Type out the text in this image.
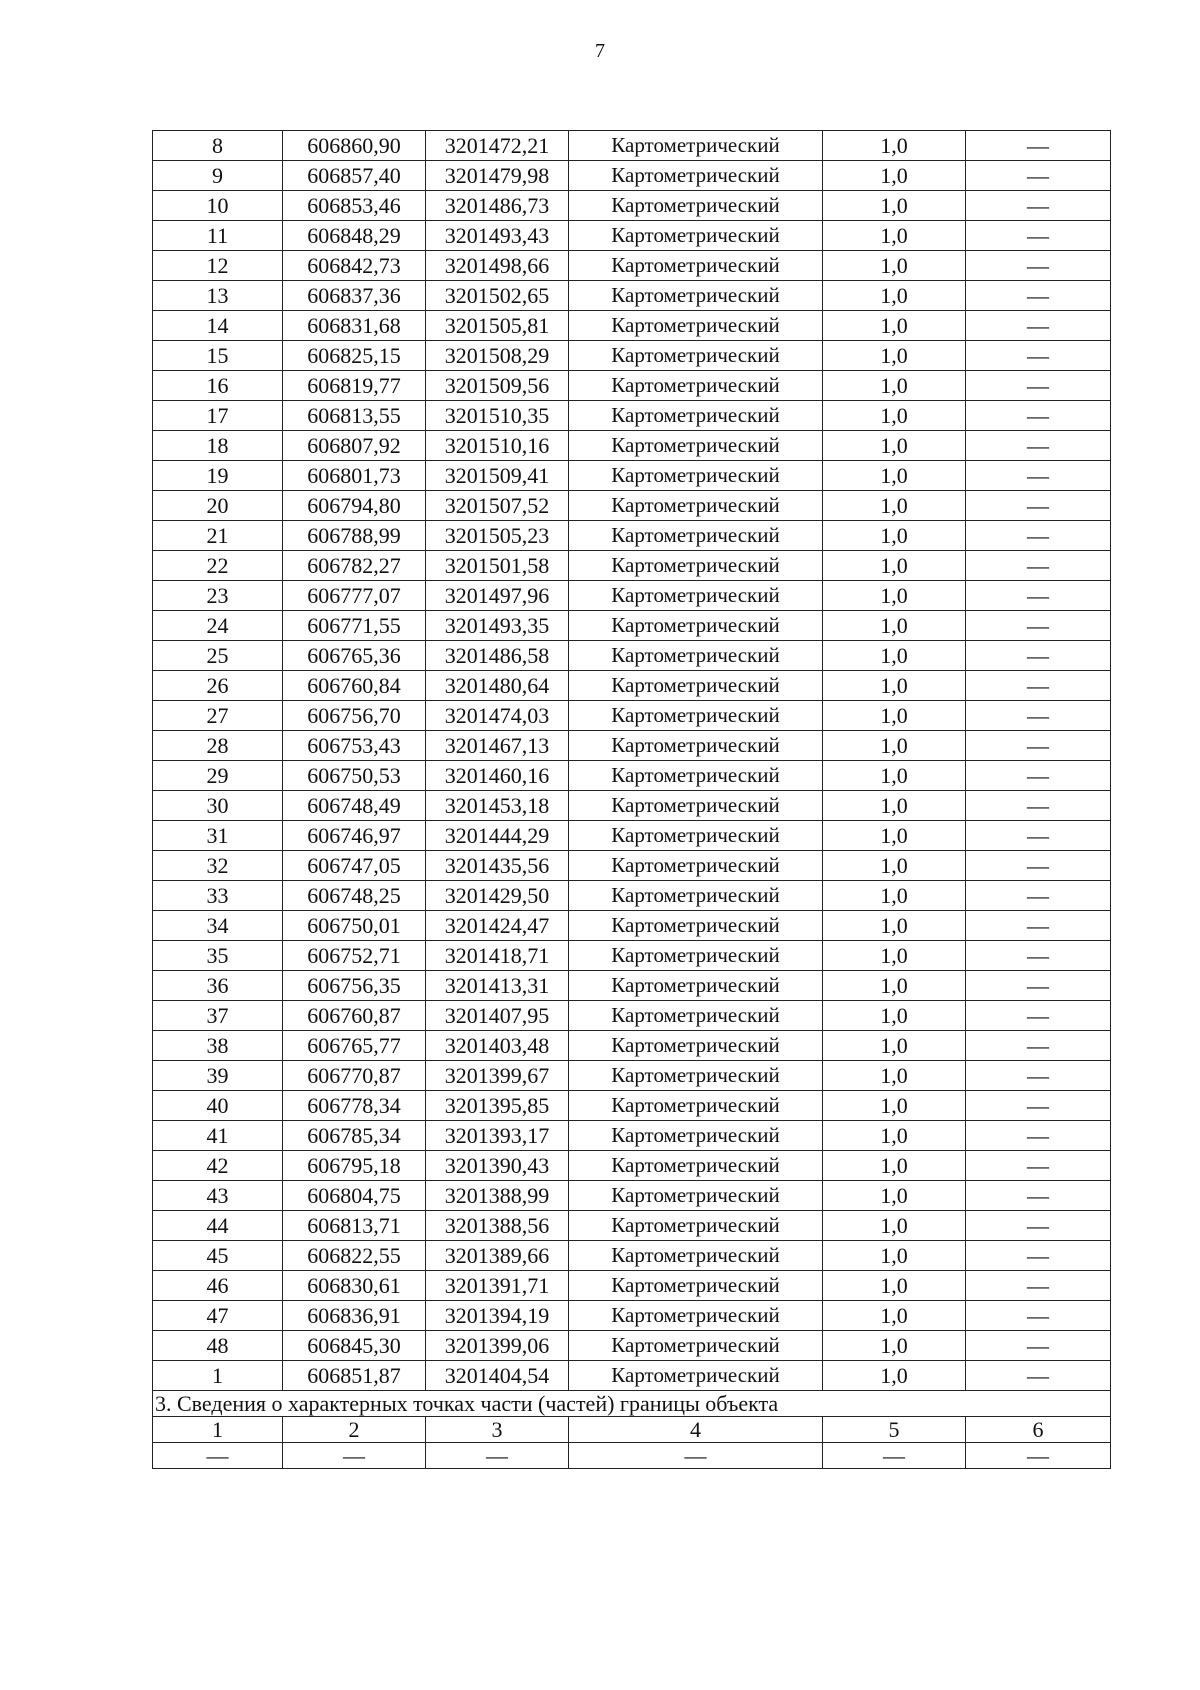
7
8	606860,90	3201472,21	Картометрический	1,0	—
9	606857,40	3201479,98	Картометрический	1,0	—
10	606853,46	3201486,73	Картометрический	1,0	—
11	606848,29	3201493,43	Картометрический	1,0	—
12	606842,73	3201498,66	Картометрический	1,0	—
13	606837,36	3201502,65	Картометрический	1,0	—
14	606831,68	3201505,81	Картометрический	1,0	—
15	606825,15	3201508,29	Картометрический	1,0	—
16	606819,77	3201509,56	Картометрический	1,0	—
17	606813,55	3201510,35	Картометрический	1,0	—
18	606807,92	3201510,16	Картометрический	1,0	—
19	606801,73	3201509,41	Картометрический	1,0	—
20	606794,80	3201507,52	Картометрический	1,0	—
21	606788,99	3201505,23	Картометрический	1,0	—
22	606782,27	3201501,58	Картометрический	1,0	—
23	606777,07	3201497,96	Картометрический	1,0	—
24	606771,55	3201493,35	Картометрический	1,0	—
25	606765,36	3201486,58	Картометрический	1,0	—
26	606760,84	3201480,64	Картометрический	1,0	—
27	606756,70	3201474,03	Картометрический	1,0	—
28	606753,43	3201467,13	Картометрический	1,0	—
29	606750,53	3201460,16	Картометрический	1,0	—
30	606748,49	3201453,18	Картометрический	1,0	—
31	606746,97	3201444,29	Картометрический	1,0	—
32	606747,05	3201435,56	Картометрический	1,0	—
33	606748,25	3201429,50	Картометрический	1,0	—
34	606750,01	3201424,47	Картометрический	1,0	—
35	606752,71	3201418,71	Картометрический	1,0	—
36	606756,35	3201413,31	Картометрический	1,0	—
37	606760,87	3201407,95	Картометрический	1,0	—
38	606765,77	3201403,48	Картометрический	1,0	—
39	606770,87	3201399,67	Картометрический	1,0	—
40	606778,34	3201395,85	Картометрический	1,0	—
41	606785,34	3201393,17	Картометрический	1,0	—
42	606795,18	3201390,43	Картометрический	1,0	—
43	606804,75	3201388,99	Картометрический	1,0	—
44	606813,71	3201388,56	Картометрический	1,0	—
45	606822,55	3201389,66	Картометрический	1,0	—
46	606830,61	3201391,71	Картометрический	1,0	—
47	606836,91	3201394,19	Картометрический	1,0	—
48	606845,30	3201399,06	Картометрический	1,0	—
1	606851,87	3201404,54	Картометрический	1,0	—
3. Сведения о характерных точках части (частей) границы объекта					
1	2	3	4	5	6
—	—	—	—	—	—
